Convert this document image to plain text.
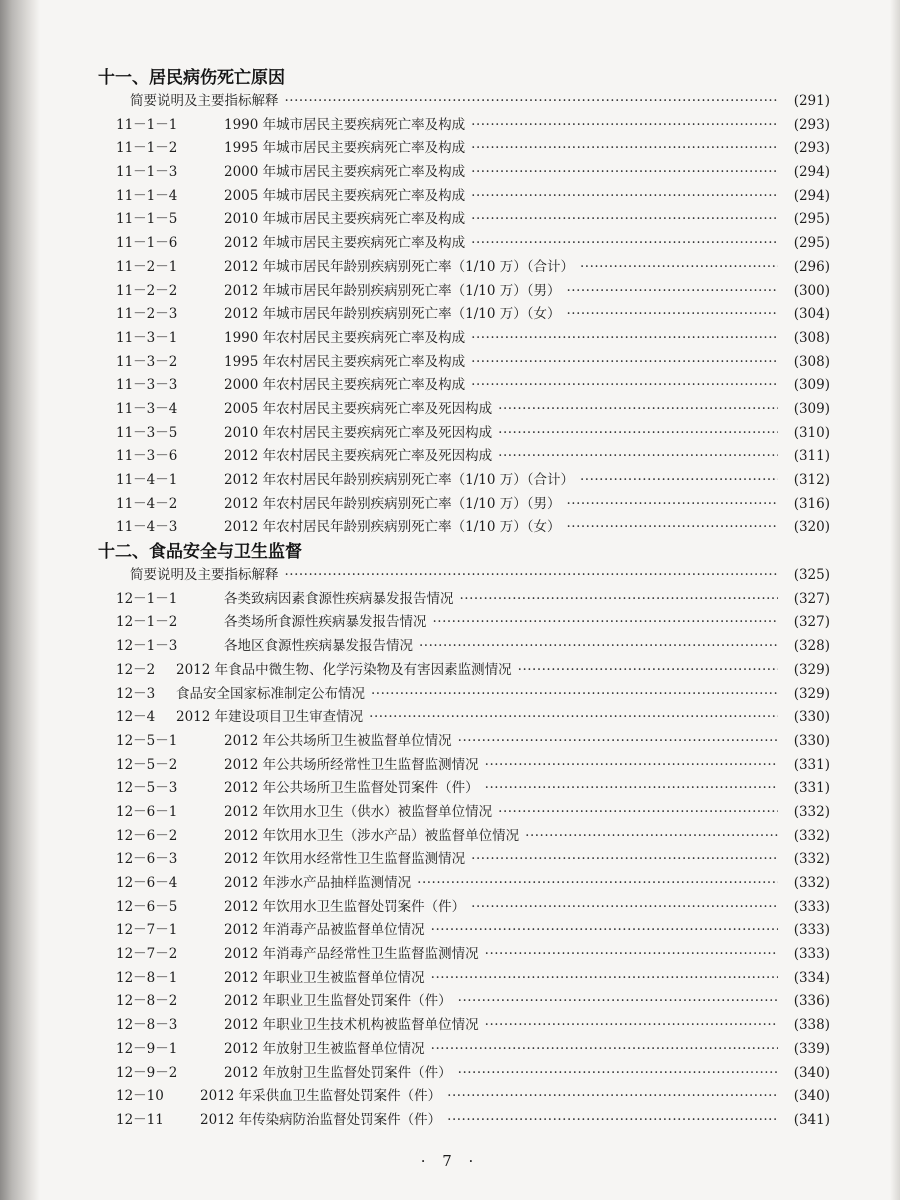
十一、居民病伤死亡原因
简要说明及主要指标解释 ·····	(291)
11－1－1	1990 年城市居民主要疾病死亡率及构成 ·····	(293)
11－1－2	1995 年城市居民主要疾病死亡率及构成 ·····	(293)
11－1－3	2000 年城市居民主要疾病死亡率及构成 ·····	(294)
11－1－4	2005 年城市居民主要疾病死亡率及构成 ·····	(294)
11－1－5	2010 年城市居民主要疾病死亡率及构成 ·····	(295)
11－1－6	2012 年城市居民主要疾病死亡率及构成 ·····	(295)
11－2－1	2012 年城市居民年龄别疾病别死亡率（1/10 万）（合计） ·····	(296)
11－2－2	2012 年城市居民年龄别疾病别死亡率（1/10 万）（男） ·····	(300)
11－2－3	2012 年城市居民年龄别疾病别死亡率（1/10 万）（女） ·····	(304)
11－3－1	1990 年农村居民主要疾病死亡率及构成 ·····	(308)
11－3－2	1995 年农村居民主要疾病死亡率及构成 ·····	(308)
11－3－3	2000 年农村居民主要疾病死亡率及构成 ·····	(309)
11－3－4	2005 年农村居民主要疾病死亡率及死因构成 ·····	(309)
11－3－5	2010 年农村居民主要疾病死亡率及死因构成 ·····	(310)
11－3－6	2012 年农村居民主要疾病死亡率及死因构成 ·····	(311)
11－4－1	2012 年农村居民年龄别疾病别死亡率（1/10 万）（合计） ·····	(312)
11－4－2	2012 年农村居民年龄别疾病别死亡率（1/10 万）（男） ·····	(316)
11－4－3	2012 年农村居民年龄别疾病别死亡率（1/10 万）（女） ·····	(320)
十二、食品安全与卫生监督
简要说明及主要指标解释 ·····	(325)
12－1－1	各类致病因素食源性疾病暴发报告情况 ·····	(327)
12－1－2	各类场所食源性疾病暴发报告情况 ·····	(327)
12－1－3	各地区食源性疾病暴发报告情况 ·····	(328)
12－2	2012 年食品中微生物、化学污染物及有害因素监测情况 ·····	(329)
12－3	食品安全国家标准制定公布情况 ·····	(329)
12－4	2012 年建设项目卫生审查情况 ·····	(330)
12－5－1	2012 年公共场所卫生被监督单位情况 ·····	(330)
12－5－2	2012 年公共场所经常性卫生监督监测情况 ·····	(331)
12－5－3	2012 年公共场所卫生监督处罚案件（件） ·····	(331)
12－6－1	2012 年饮用水卫生（供水）被监督单位情况 ·····	(332)
12－6－2	2012 年饮用水卫生（涉水产品）被监督单位情况 ·····	(332)
12－6－3	2012 年饮用水经常性卫生监督监测情况 ·····	(332)
12－6－4	2012 年涉水产品抽样监测情况 ·····	(332)
12－6－5	2012 年饮用水卫生监督处罚案件（件） ·····	(333)
12－7－1	2012 年消毒产品被监督单位情况 ·····	(333)
12－7－2	2012 年消毒产品经常性卫生监督监测情况 ·····	(333)
12－8－1	2012 年职业卫生被监督单位情况 ·····	(334)
12－8－2	2012 年职业卫生监督处罚案件（件） ·····	(336)
12－8－3	2012 年职业卫生技术机构被监督单位情况 ·····	(338)
12－9－1	2012 年放射卫生被监督单位情况 ·····	(339)
12－9－2	2012 年放射卫生监督处罚案件（件） ·····	(340)
12－10	2012 年采供血卫生监督处罚案件（件） ·····	(340)
12－11	2012 年传染病防治监督处罚案件（件） ·····	(341)
· 7 ·
